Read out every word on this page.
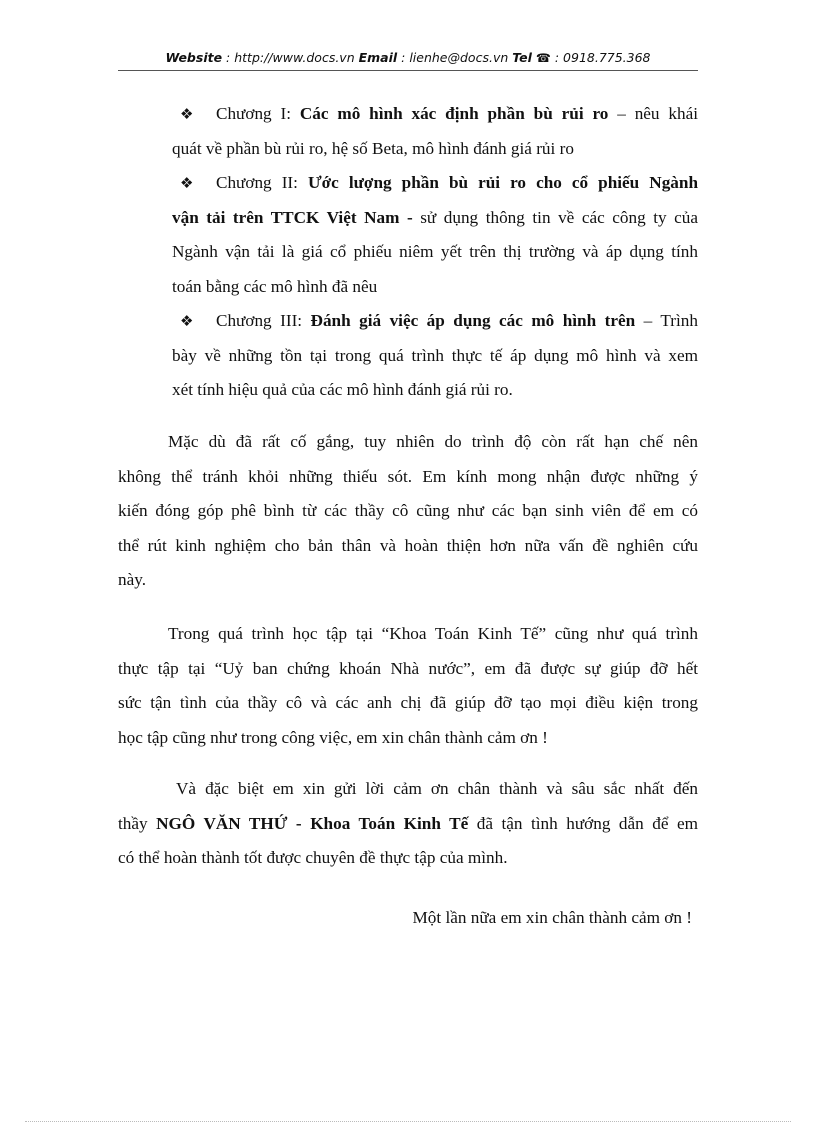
Website : http://www.docs.vn Email : lienhe@docs.vn Tel ☎ : 0918.775.368
❖ Chương I: Các mô hình xác định phần bù rủi ro – nêu khái
quát về phần bù rủi ro, hệ số Beta, mô hình đánh giá rủi ro
❖ Chương II: Ước lượng phần bù rủi ro cho cổ phiếu Ngành
vận tải trên TTCK Việt Nam - sử dụng thông tin về các công ty của
Ngành vận tải là giá cổ phiếu niêm yết trên thị trường và áp dụng tính
toán bằng các mô hình đã nêu
❖ Chương III: Đánh giá việc áp dụng các mô hình trên – Trình
bày về những tồn tại trong quá trình thực tế áp dụng mô hình và xem
xét tính hiệu quả của các mô hình đánh giá rủi ro.
Mặc dù đã rất cố gắng, tuy nhiên do trình độ còn rất hạn chế nên
không thể tránh khỏi những thiếu sót. Em kính mong nhận được những ý
kiến đóng góp phê bình từ các thầy cô cũng như các bạn sinh viên để em có
thể rút kinh nghiệm cho bản thân và hoàn thiện hơn nữa vấn đề nghiên cứu
này.
Trong quá trình học tập tại “Khoa Toán Kinh Tế” cũng như quá trình
thực tập tại “Uỷ ban chứng khoán Nhà nước”, em đã được sự giúp đỡ hết
sức tận tình của thầy cô và các anh chị đã giúp đỡ tạo mọi điều kiện trong
học tập cũng như trong công việc, em xin chân thành cảm ơn !
Và đặc biệt em xin gửi lời cảm ơn chân thành và sâu sắc nhất đến
thầy NGÔ VĂN THỨ - Khoa Toán Kinh Tế đã tận tình hướng dẫn để em
có thể hoàn thành tốt được chuyên đề thực tập của mình.
Một lần nữa em xin chân thành cảm ơn !
